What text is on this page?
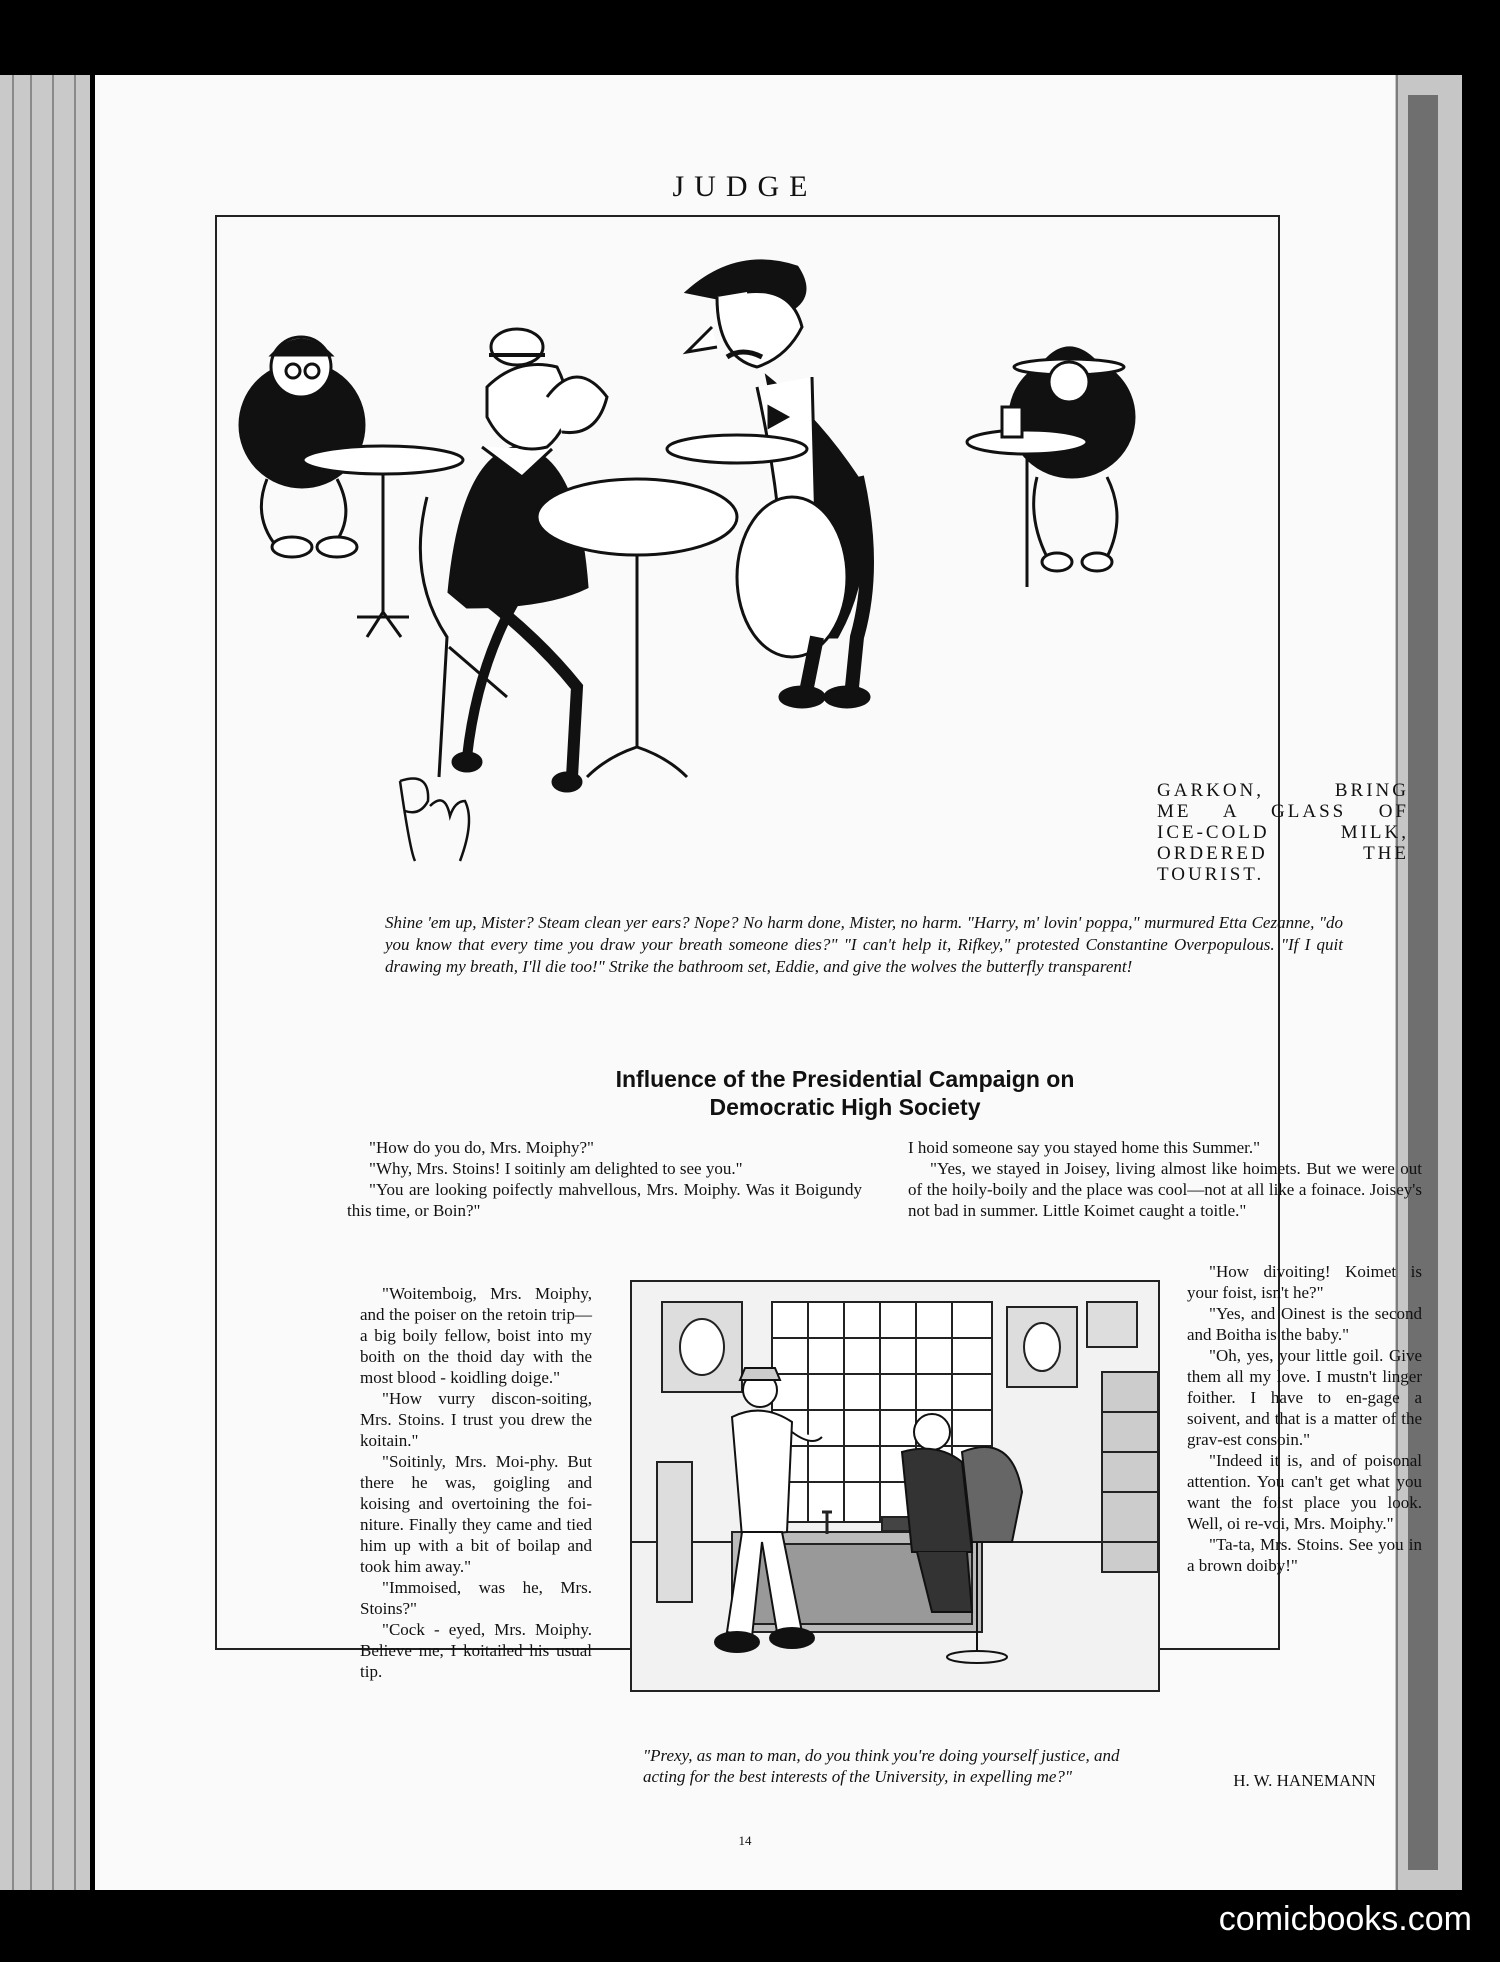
JUDGE
GARKON, BRING
ME A GLASS OF
ICE-COLD MILK,
ORDERED THE
TOURIST.
Shine 'em up, Mister? Steam clean yer ears? Nope? No harm done, Mister, no harm. "Harry, m' lovin' poppa," murmured Etta Cezanne, "do you know that every time you draw your breath someone dies?" "I can't help it, Rifkey," protested Constantine Overpopulous. "If I quit drawing my breath, I'll die too!" Strike the bathroom set, Eddie, and give the wolves the butterfly transparent!
Influence of the Presidential Campaign on
Democratic High Society

"How do you do, Mrs. Moiphy?"

"Why, Mrs. Stoins! I soitinly am delighted to see you."

"You are looking poifectly mahvellous, Mrs. Moiphy. Was it Boigundy this time, or Boin?"

"Woitemboig, Mrs. Moiphy, and the poiser on the retoin trip—a big boily fellow, boist into my boith on the thoid day with the most blood - koidling doige."

"How vurry discon-soiting, Mrs. Stoins. I trust you drew the koitain."

"Soitinly, Mrs. Moi-phy. But there he was, goigling and koising and overtoining the foi-niture. Finally they came and tied him up with a bit of boilap and took him away."

"Immoised, was he, Mrs. Stoins?"

"Cock - eyed, Mrs. Moiphy. Believe me, I koitailed his usual tip.

I hoid someone say you stayed home this Summer."

"Yes, we stayed in Joisey, living almost like hoimets. But we were out of the hoily-boily and the place was cool—not at all like a foinace. Joisey's not bad in summer. Little Koimet caught a toitle."

"How divoiting! Koimet is your foist, isn't he?"

"Yes, and Oinest is the second and Boitha is the baby."

"Oh, yes, your little goil. Give them all my love. I mustn't linger foither. I have to en-gage a soivent, and that is a matter of the grav-est consoin."

"Indeed it is, and of poisonal attention. You can't get what you want the foist place you look. Well, oi re-voi, Mrs. Moiphy."

"Ta-ta, Mrs. Stoins. See you in a brown doiby!"

"Prexy, as man to man, do you think you're doing yourself justice, and acting for the best interests of the University, in expelling me?"	H. W. HANEMANN
14
comicbooks.com
